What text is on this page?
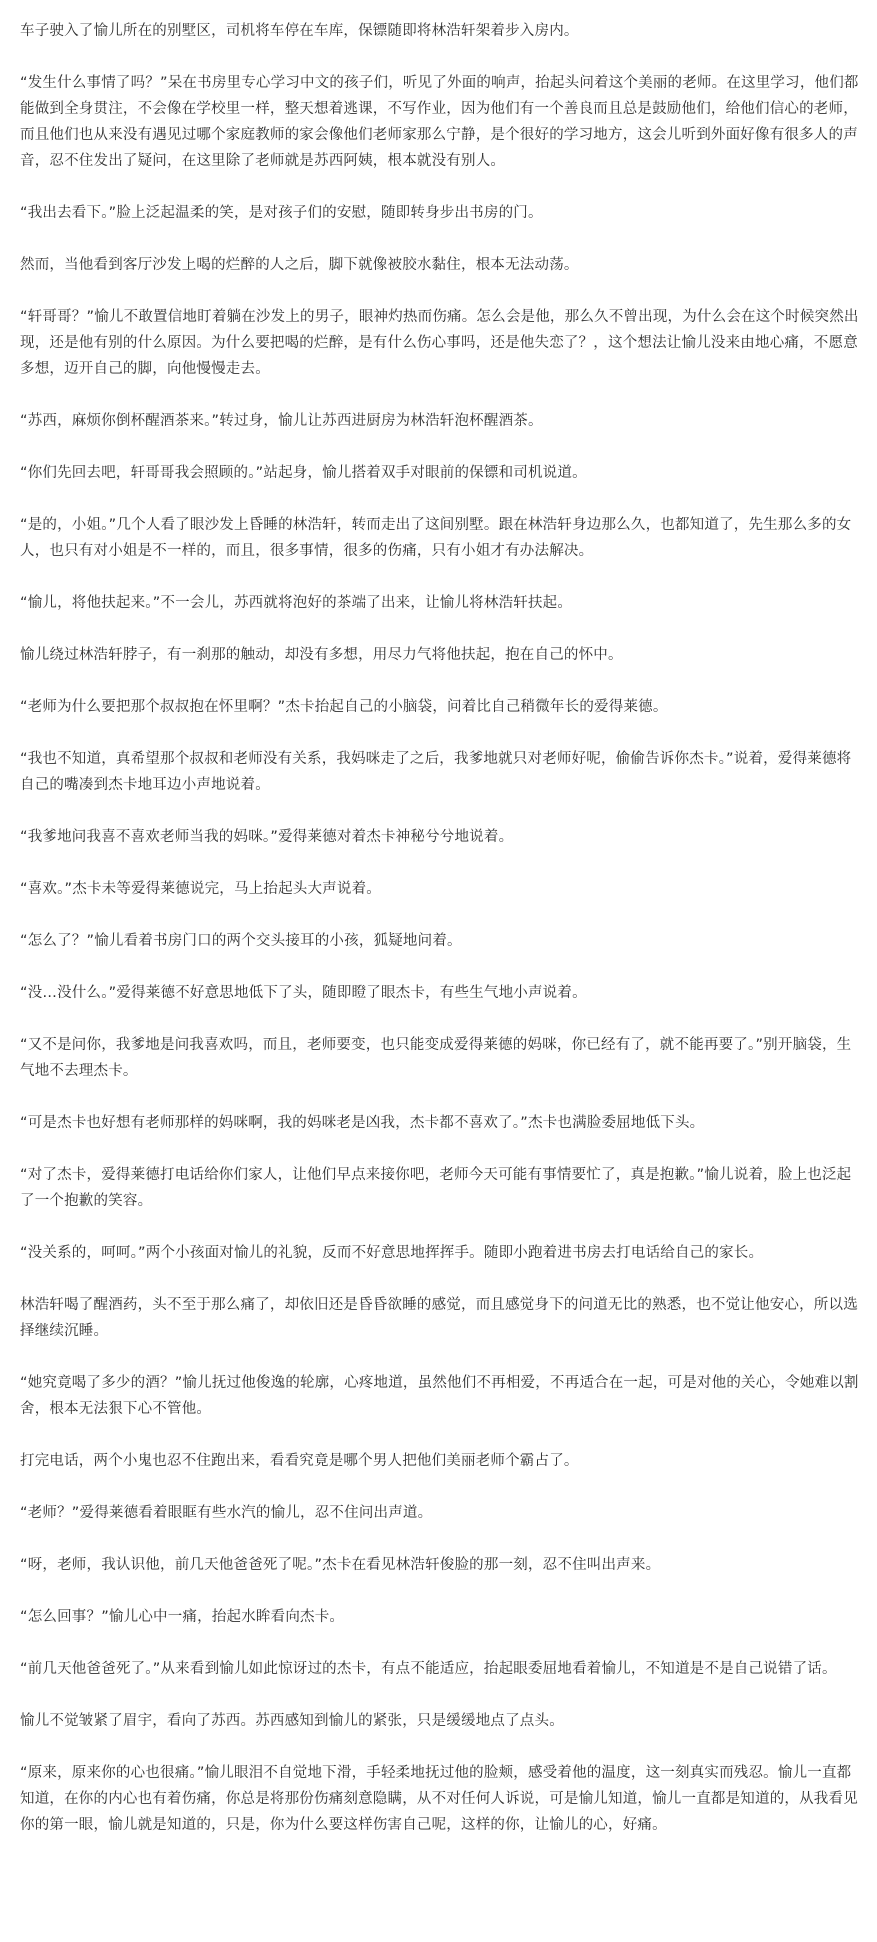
车子驶入了愉儿所在的别墅区，司机将车停在车库，保镖随即将林浩轩架着步入房内。

“发生什么事情了吗？”呆在书房里专心学习中文的孩子们，听见了外面的响声，抬起头问着这个美丽的老师。在这里学习，他们都能做到全身贯注，不会像在学校里一样，整天想着逃课，不写作业，因为他们有一个善良而且总是鼓励他们，给他们信心的老师，而且他们也从来没有遇见过哪个家庭教师的家会像他们老师家那么宁静，是个很好的学习地方，这会儿听到外面好像有很多人的声音，忍不住发出了疑问，在这里除了老师就是苏西阿姨，根本就没有别人。

“我出去看下。”脸上泛起温柔的笑，是对孩子们的安慰，随即转身步出书房的门。

然而，当他看到客厅沙发上喝的烂醉的人之后，脚下就像被胶水黏住，根本无法动荡。

“轩哥哥？”愉儿不敢置信地盯着躺在沙发上的男子，眼神灼热而伤痛。怎么会是他，那么久不曾出现，为什么会在这个时候突然出现，还是他有别的什么原因。为什么要把喝的烂醉，是有什么伤心事吗，还是他失恋了？，这个想法让愉儿没来由地心痛，不愿意多想，迈开自己的脚，向他慢慢走去。

“苏西，麻烦你倒杯醒酒茶来。”转过身，愉儿让苏西进厨房为林浩轩泡杯醒酒茶。

“你们先回去吧，轩哥哥我会照顾的。”站起身，愉儿搭着双手对眼前的保镖和司机说道。

“是的，小姐。”几个人看了眼沙发上昏睡的林浩轩，转而走出了这间别墅。跟在林浩轩身边那么久，也都知道了，先生那么多的女人，也只有对小姐是不一样的，而且，很多事情，很多的伤痛，只有小姐才有办法解决。

“愉儿，将他扶起来。”不一会儿，苏西就将泡好的茶端了出来，让愉儿将林浩轩扶起。

愉儿绕过林浩轩脖子，有一刹那的触动，却没有多想，用尽力气将他扶起，抱在自己的怀中。

“老师为什么要把那个叔叔抱在怀里啊？”杰卡抬起自己的小脑袋，问着比自己稍微年长的爱得莱德。

“我也不知道，真希望那个叔叔和老师没有关系，我妈咪走了之后，我爹地就只对老师好呢，偷偷告诉你杰卡。”说着，爱得莱德将自己的嘴凑到杰卡地耳边小声地说着。

“我爹地问我喜不喜欢老师当我的妈咪。”爱得莱德对着杰卡神秘兮兮地说着。

“喜欢。”杰卡未等爱得莱德说完，马上抬起头大声说着。

“怎么了？”愉儿看着书房门口的两个交头接耳的小孩，狐疑地问着。

“没…没什么。”爱得莱德不好意思地低下了头，随即瞪了眼杰卡，有些生气地小声说着。

“又不是问你，我爹地是问我喜欢吗，而且，老师要变，也只能变成爱得莱德的妈咪，你已经有了，就不能再要了。”别开脑袋，生气地不去理杰卡。

“可是杰卡也好想有老师那样的妈咪啊，我的妈咪老是凶我，杰卡都不喜欢了。”杰卡也满脸委屈地低下头。

“对了杰卡，爱得莱德打电话给你们家人，让他们早点来接你吧，老师今天可能有事情要忙了，真是抱歉。”愉儿说着，脸上也泛起了一个抱歉的笑容。

“没关系的，呵呵。”两个小孩面对愉儿的礼貌，反而不好意思地挥挥手。随即小跑着进书房去打电话给自己的家长。

林浩轩喝了醒酒药，头不至于那么痛了，却依旧还是昏昏欲睡的感觉，而且感觉身下的问道无比的熟悉，也不觉让他安心，所以选择继续沉睡。

“她究竟喝了多少的酒？”愉儿抚过他俊逸的轮廓，心疼地道，虽然他们不再相爱，不再适合在一起，可是对他的关心，令她难以割舍，根本无法狠下心不管他。

打完电话，两个小鬼也忍不住跑出来，看看究竟是哪个男人把他们美丽老师个霸占了。

“老师？”爱得莱德看着眼眶有些水汽的愉儿，忍不住问出声道。

“呀，老师，我认识他，前几天他爸爸死了呢。”杰卡在看见林浩轩俊脸的那一刻，忍不住叫出声来。

“怎么回事？”愉儿心中一痛，抬起水眸看向杰卡。

“前几天他爸爸死了。”从来看到愉儿如此惊讶过的杰卡，有点不能适应，抬起眼委屈地看着愉儿，不知道是不是自己说错了话。

愉儿不觉皱紧了眉宇，看向了苏西。苏西感知到愉儿的紧张，只是缓缓地点了点头。

“原来，原来你的心也很痛。”愉儿眼泪不自觉地下滑，手轻柔地抚过他的脸颊，感受着他的温度，这一刻真实而残忍。愉儿一直都知道，在你的内心也有着伤痛，你总是将那份伤痛刻意隐瞒，从不对任何人诉说，可是愉儿知道，愉儿一直都是知道的，从我看见你的第一眼，愉儿就是知道的，只是，你为什么要这样伤害自己呢，这样的你，让愉儿的心，好痛。
